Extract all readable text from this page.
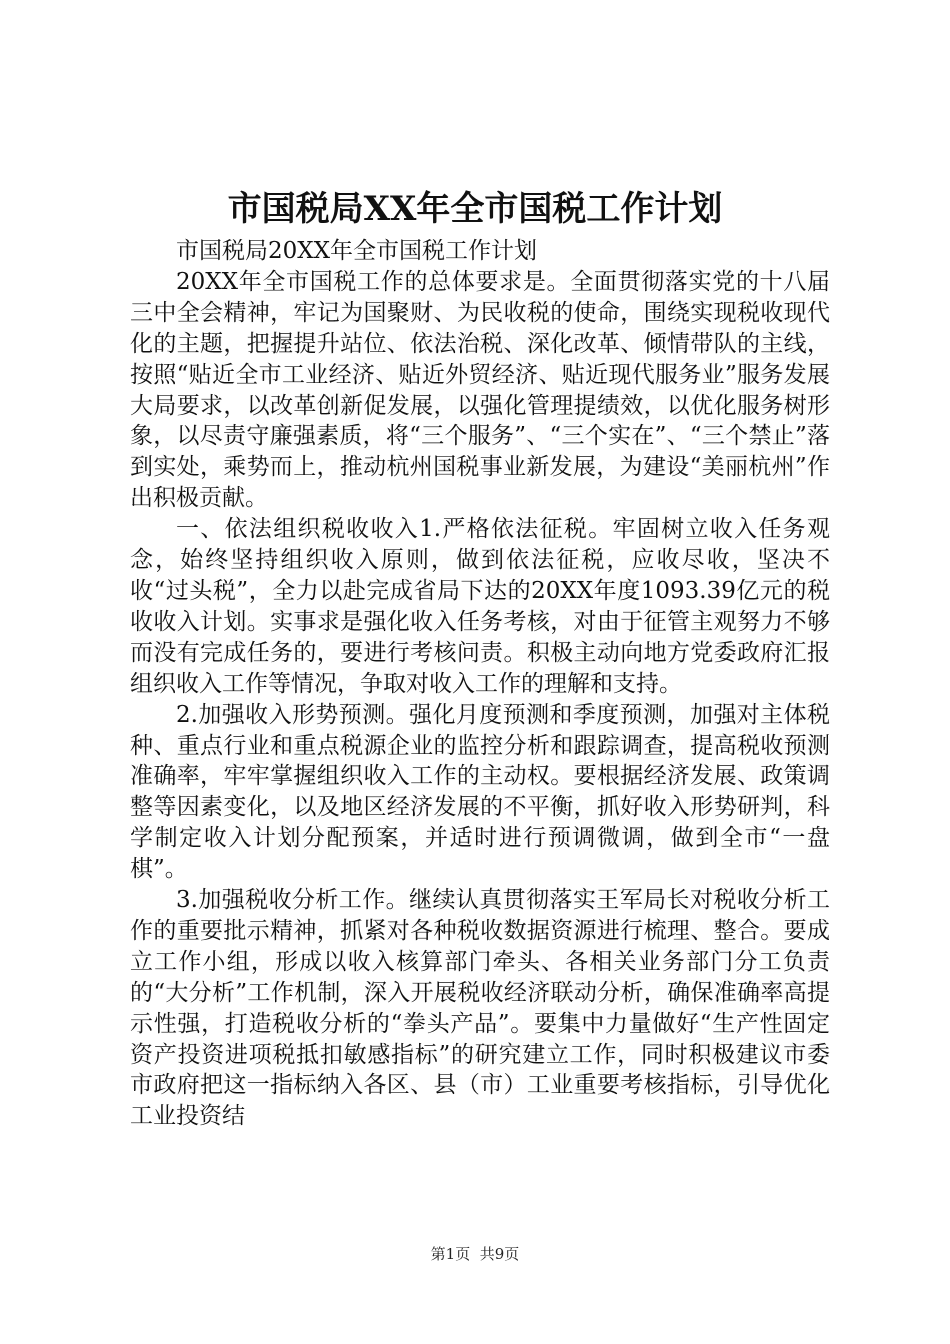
市国税局XX年全市国税工作计划

市国税局20XX年全市国税工作计划

20XX年全市国税工作的总体要求是。全面贯彻落实党的十八届三中全会精神，牢记为国聚财、为民收税的使命，围绕实现税收现代化的主题，把握提升站位、依法治税、深化改革、倾情带队的主线，按照“贴近全市工业经济、贴近外贸经济、贴近现代服务业”服务发展大局要求，以改革创新促发展，以强化管理提绩效，以优化服务树形象，以尽责守廉强素质，将“三个服务”、“三个实在”、“三个禁止”落到实处，乘势而上，推动杭州国税事业新发展，为建设“美丽杭州”作出积极贡献。

一、依法组织税收收入1.严格依法征税。牢固树立收入任务观念，始终坚持组织收入原则，做到依法征税，应收尽收，坚决不收“过头税”，全力以赴完成省局下达的20XX年度1093.39亿元的税收收入计划。实事求是强化收入任务考核，对由于征管主观努力不够而没有完成任务的，要进行考核问责。积极主动向地方党委政府汇报组织收入工作等情况，争取对收入工作的理解和支持。

2.加强收入形势预测。强化月度预测和季度预测，加强对主体税种、重点行业和重点税源企业的监控分析和跟踪调查，提高税收预测准确率，牢牢掌握组织收入工作的主动权。要根据经济发展、政策调整等因素变化，以及地区经济发展的不平衡，抓好收入形势研判，科学制定收入计划分配预案，并适时进行预调微调，做到全市“一盘棋”。

3.加强税收分析工作。继续认真贯彻落实王军局长对税收分析工作的重要批示精神，抓紧对各种税收数据资源进行梳理、整合。要成立工作小组，形成以收入核算部门牵头、各相关业务部门分工负责的“大分析”工作机制，深入开展税收经济联动分析，确保准确率高提示性强，打造税收分析的“拳头产品”。要集中力量做好“生产性固定资产投资进项税抵扣敏感指标”的研究建立工作，同时积极建议市委市政府把这一指标纳入各区、县（市）工业重要考核指标，引导优化工业投资结

第1页 共9页
